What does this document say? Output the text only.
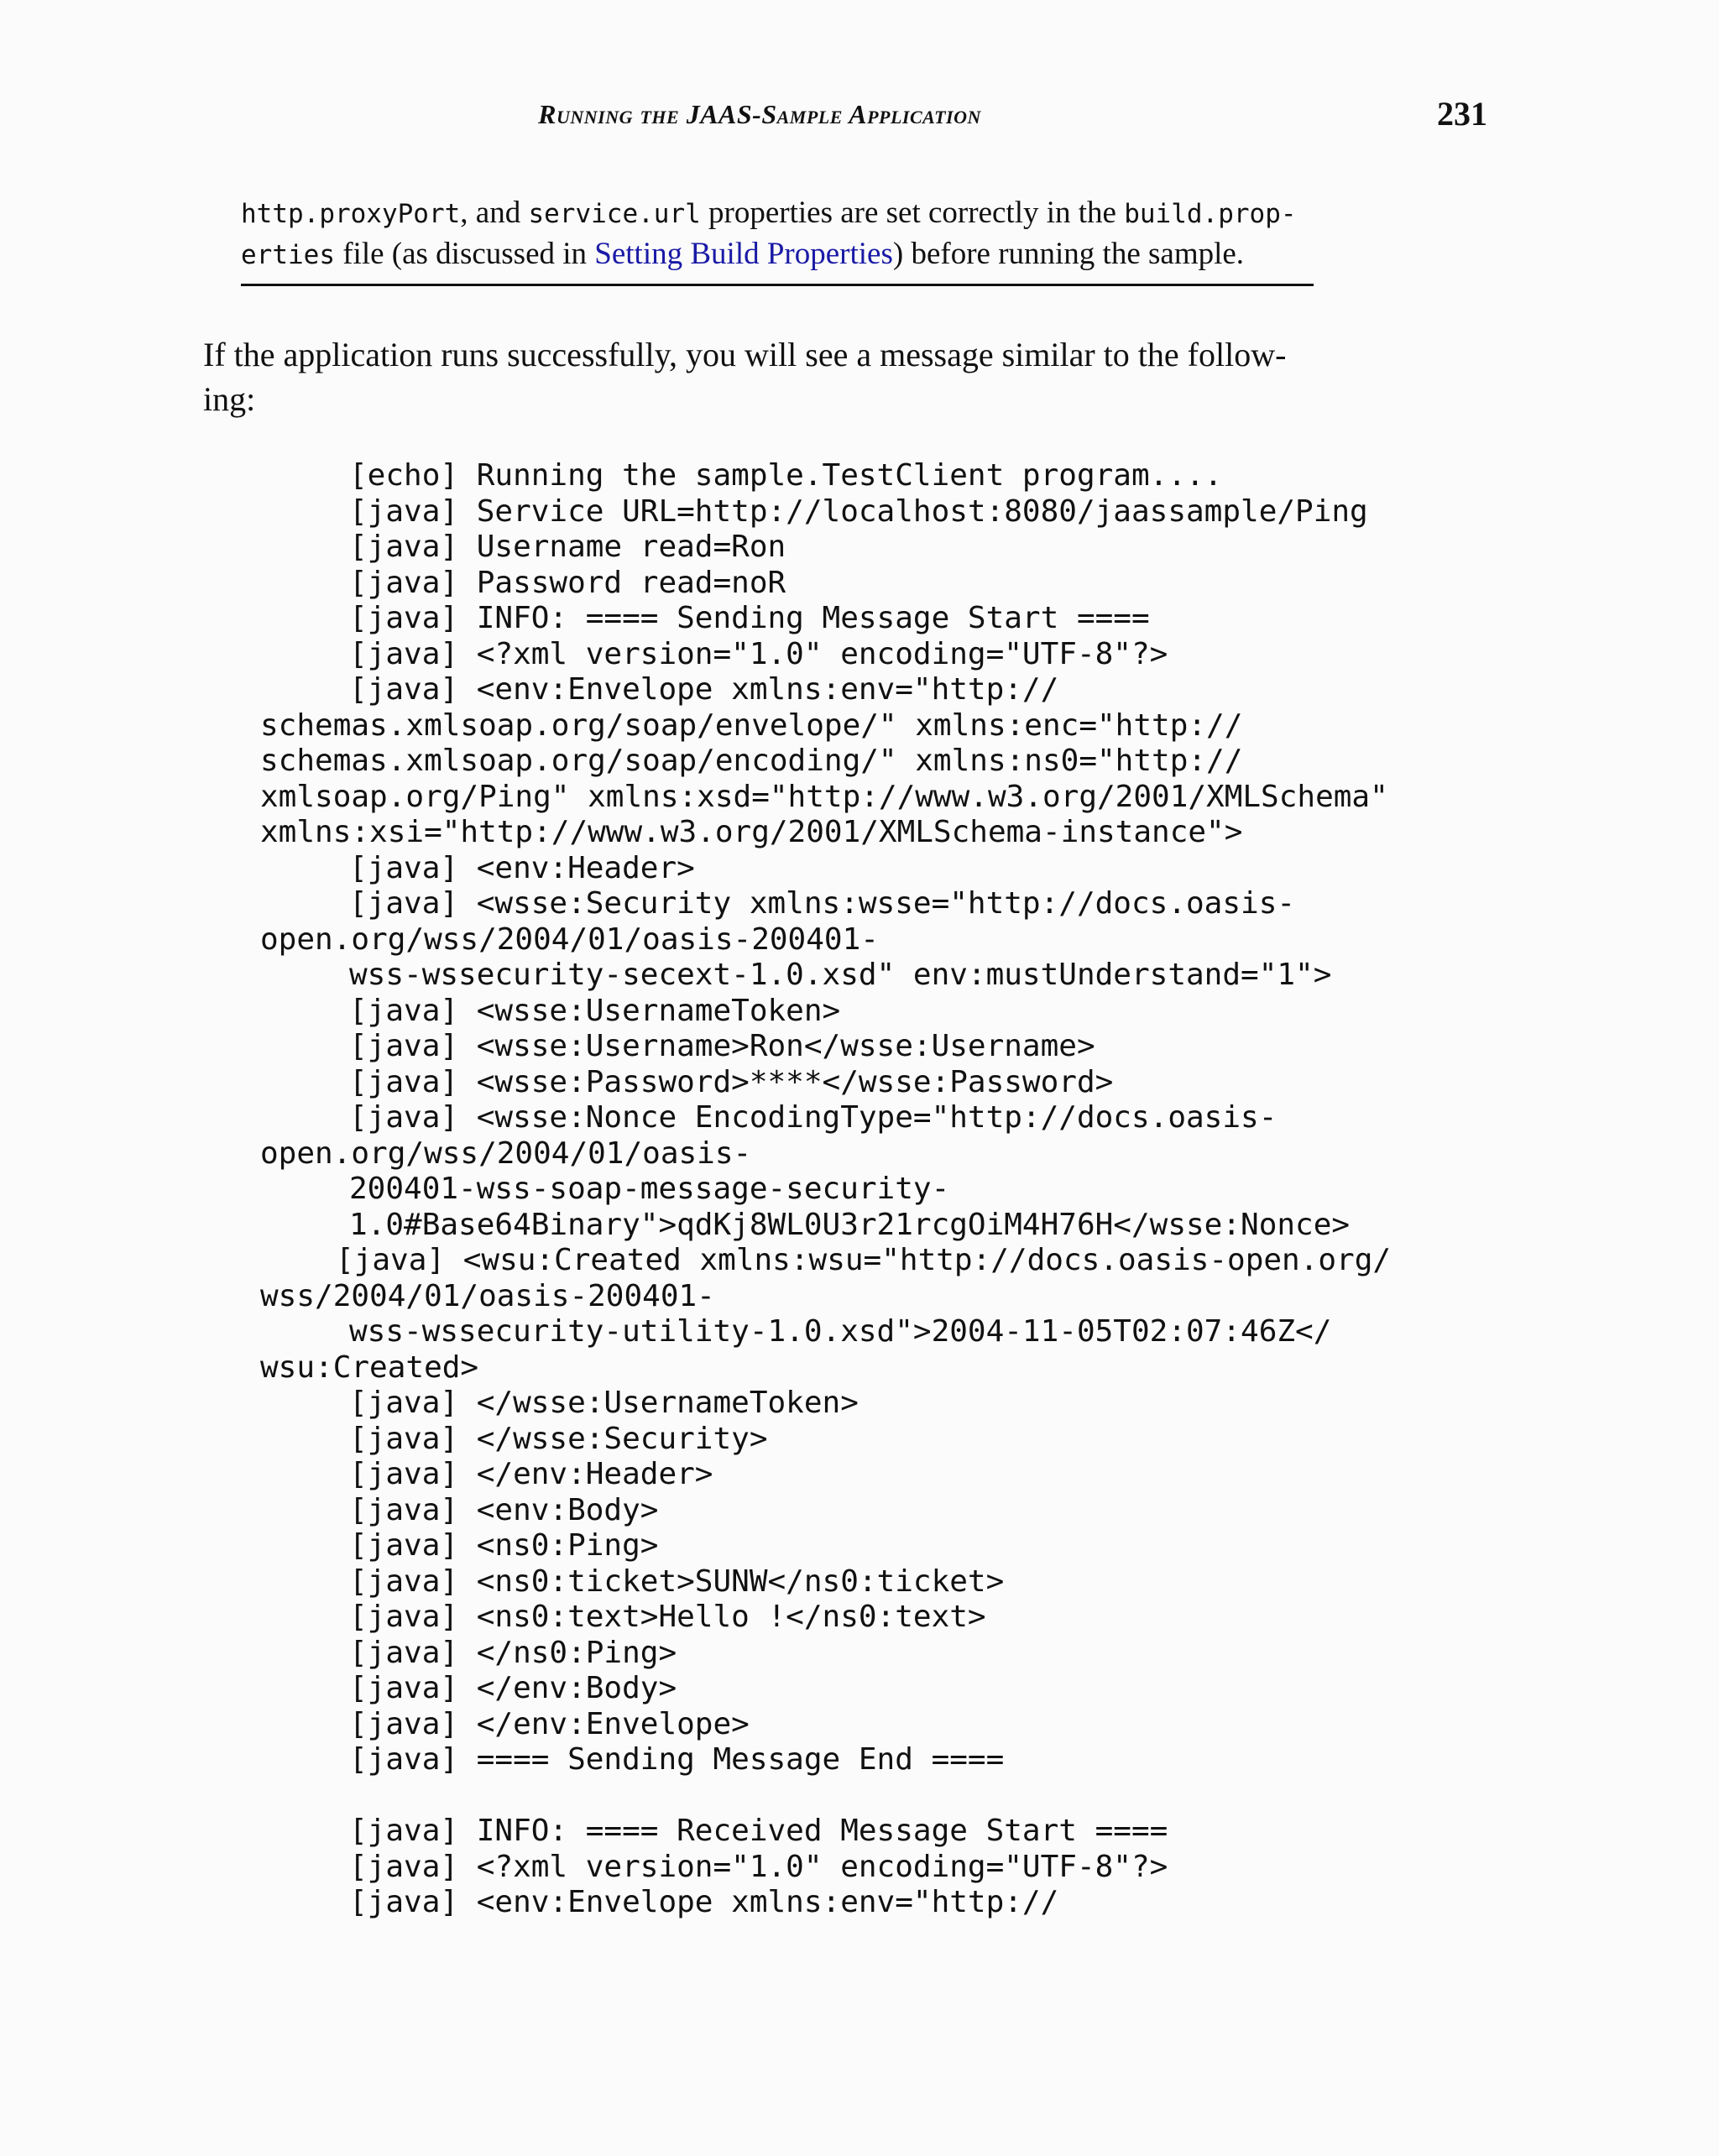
Running the JAAS-Sample Application	231
http.proxyPort, and service.url properties are set correctly in the build.prop-
erties file (as discussed in Setting Build Properties) before running the sample.
If the application runs successfully, you will see a message similar to the follow-
ing:
[echo] Running the sample.TestClient program....
[java] Service URL=http://localhost:8080/jaassample/Ping
[java] Username read=Ron
[java] Password read=noR
[java] INFO: ==== Sending Message Start ====
[java] <?xml version="1.0" encoding="UTF-8"?>
[java] <env:Envelope xmlns:env="http://
schemas.xmlsoap.org/soap/envelope/" xmlns:enc="http://
schemas.xmlsoap.org/soap/encoding/" xmlns:ns0="http://
xmlsoap.org/Ping" xmlns:xsd="http://www.w3.org/2001/XMLSchema"
xmlns:xsi="http://www.w3.org/2001/XMLSchema-instance">
[java] <env:Header>
[java] <wsse:Security xmlns:wsse="http://docs.oasis-
open.org/wss/2004/01/oasis-200401-
wss-wssecurity-secext-1.0.xsd" env:mustUnderstand="1">
[java] <wsse:UsernameToken>
[java] <wsse:Username>Ron</wsse:Username>
[java] <wsse:Password>****</wsse:Password>
[java] <wsse:Nonce EncodingType="http://docs.oasis-
open.org/wss/2004/01/oasis-
200401-wss-soap-message-security-
1.0#Base64Binary">qdKj8WL0U3r21rcgOiM4H76H</wsse:Nonce>
[java] <wsu:Created xmlns:wsu="http://docs.oasis-open.org/
wss/2004/01/oasis-200401-
wss-wssecurity-utility-1.0.xsd">2004-11-05T02:07:46Z</
wsu:Created>
[java] </wsse:UsernameToken>
[java] </wsse:Security>
[java] </env:Header>
[java] <env:Body>
[java] <ns0:Ping>
[java] <ns0:ticket>SUNW</ns0:ticket>
[java] <ns0:text>Hello !</ns0:text>
[java] </ns0:Ping>
[java] </env:Body>
[java] </env:Envelope>
[java] ==== Sending Message End ====
[java] INFO: ==== Received Message Start ====
[java] <?xml version="1.0" encoding="UTF-8"?>
[java] <env:Envelope xmlns:env="http://
